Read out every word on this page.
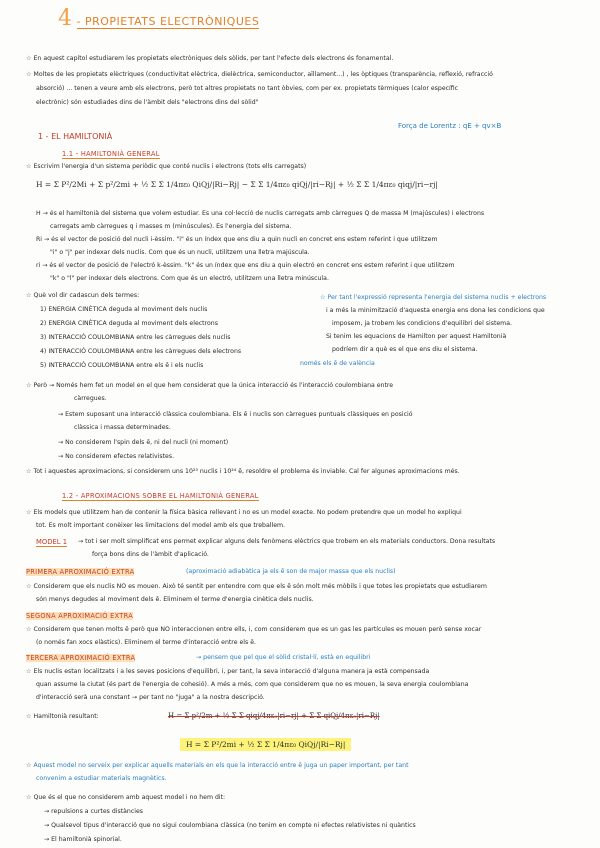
4 - PROPIETATS ELECTRÒNIQUES
☆ En aquest capítol estudiarem les propietats electròniques dels sòlids, per tant l'efecte dels electrons és fonamental.
☆ Moltes de les propietats elèctriques (conductivitat elèctrica, dielèctrica, semiconductor, aïllament...) , les òptiques (transparència, reflexió, refracció
absorció) ... tenen a veure amb els electrons, però tot altres propietats no tant òbvies, com per ex. propietats tèrmiques (calor específic
electrònic) són estudiades dins de l'àmbit dels "electrons dins del sòlid"
Força de Lorentz : qE + qv×B
1 - EL HAMILTONIÀ
1.1 - HAMILTONIÀ GENERAL
☆ Escrivim l'energia d'un sistema periòdic que conté nuclis i electrons (tots ells carregats)
H = Σ P²/2Mi + Σ p²/2mi + ½ Σ Σ 1/4πε₀ QiQj/|Ri−Rj| − Σ Σ 1/4πε₀ qiQj/|ri−Rj| + ½ Σ Σ 1/4πε₀ qiqj/|ri−rj|
H → és el hamiltonià del sistema que volem estudiar. Es una col·lecció de nuclis carregats amb càrregues Q de massa M (majúscules) i electrons
carregats amb càrregues q i masses m (minúscules). Es l'energia del sistema.
Ri → és el vector de posició del nucli i-èssim. "i" és un índex que ens diu a quin nucli en concret ens estem referint i que utilitzem
"i" o "j" per indexar dels nuclis. Com que és un nucli, utilitzem una lletra majúscula.
ri → és el vector de posició de l'electró k-èssim. "k" és un índex que ens diu a quin electró en concret ens estem referint i que utilitzem
"k" o "l" per indexar dels electrons. Com que és un electró, utilitzem una lletra minúscula.
☆ Què vol dir cadascun dels termes:
1) ENERGIA CINÈTICA deguda al moviment dels nuclis
2) ENERGIA CINÈTICA deguda al moviment dels electrons
3) INTERACCIÓ COULOMBIANA entre les càrregues dels nuclis
4) INTERACCIÓ COULOMBIANA entre les càrregues dels electrons
5) INTERACCIÓ COULOMBIANA entre els ē i els nuclis	només els ē de valència
☆ Per tant l'expressió representa l'energia del sistema nuclis + electrons
i a més la minimització d'aquesta energia ens dona les condicions que
imposem, ja trobem les condicions d'equilibri del sistema.
Si tenim les equacions de Hamilton per aquest Hamiltonià
podríem dir a què es el que ens diu el sistema.
☆ Però → Només hem fet un model en el que hem considerat que la única interacció és l'interacció coulombiana entre
càrregues.
→ Estem suposant una interacció clàssica coulombiana. Els ē i nuclis son càrregues puntuals clàssiques en posició
clàssica i massa determinades.
→ No considerem l'spin dels ē, ni del nucli (ni moment)
→ No considerem efectes relativistes.
☆ Tot i aquestes aproximacions, si considerem uns 10²³ nuclis i 10²⁴ ē, resoldre el problema és inviable. Cal fer algunes aproximacions més.
1.2 - APROXIMACIONS SOBRE EL HAMILTONIÀ GENERAL
☆ Els models que utilitzem han de contenir la física bàsica rellevant i no es un model exacte. No podem pretendre que un model ho expliqui
tot. Es molt important conèixer les limitacions del model amb els que treballem.
MODEL 1 → tot i ser molt simplificat ens permet explicar alguns dels fenòmens elèctrics que trobem en els materials conductors. Dona resultats
força bons dins de l'àmbit d'aplicació.
PRIMERA APROXIMACIÓ EXTRA	(aproximació adiabàtica ja els ē son de major massa que els nuclis)
☆ Considerem que els nuclis NO es mouen. Això té sentit per entendre com que els ē són molt més mòbils i que totes les propietats que estudiarem
són menys degudes al moviment dels ē. Eliminem el terme d'energia cinètica dels nuclis.
SEGONA APROXIMACIÓ EXTRA
☆ Considerem que tenen molts ē però que NO interaccionen entre ells, i, com considerem que es un gas les partícules es mouen però sense xocar
(o només fan xocs elàstics). Eliminem el terme d'interacció entre els ē.
TERCERA APROXIMACIÓ EXTRA	→ pensem que pel que el sòlid cristal·lí, està en equilibri
☆ Els nuclis estan localitzats i a les seves posicions d'equilibri, i, per tant, la seva interacció d'alguna manera ja està compensada
quan assume la ciutat (és part de l'energia de cohesió). A més a més, com que considerem que no es mouen, la seva energia coulombiana
d'interacció serà una constant → per tant no "juga" a la nostra descripció.
☆ Hamiltonià resultant:	H = Σ p²/2m + ½ Σ Σ qiqj/4πε₀|ri−rj| + Σ Σ qiQj/4πε₀|ri−Rj|
H = Σ P²/2mi + ½ Σ Σ 1/4πε₀ QiQj/|Ri−Rj|
☆ Aquest model no serveix per explicar aquells materials en els que la interacció entre ē juga un paper important, per tant
convenim a estudiar materials magnètics.
☆ Que és el que no considerem amb aquest model i no hem dit:
→ repulsions a curtes distàncies
→ Qualsevol tipus d'interacció que no sigui coulombiana clàssica (no tenim en compte ni efectes relativistes ni quàntics
→ El hamiltonià spinorial.
